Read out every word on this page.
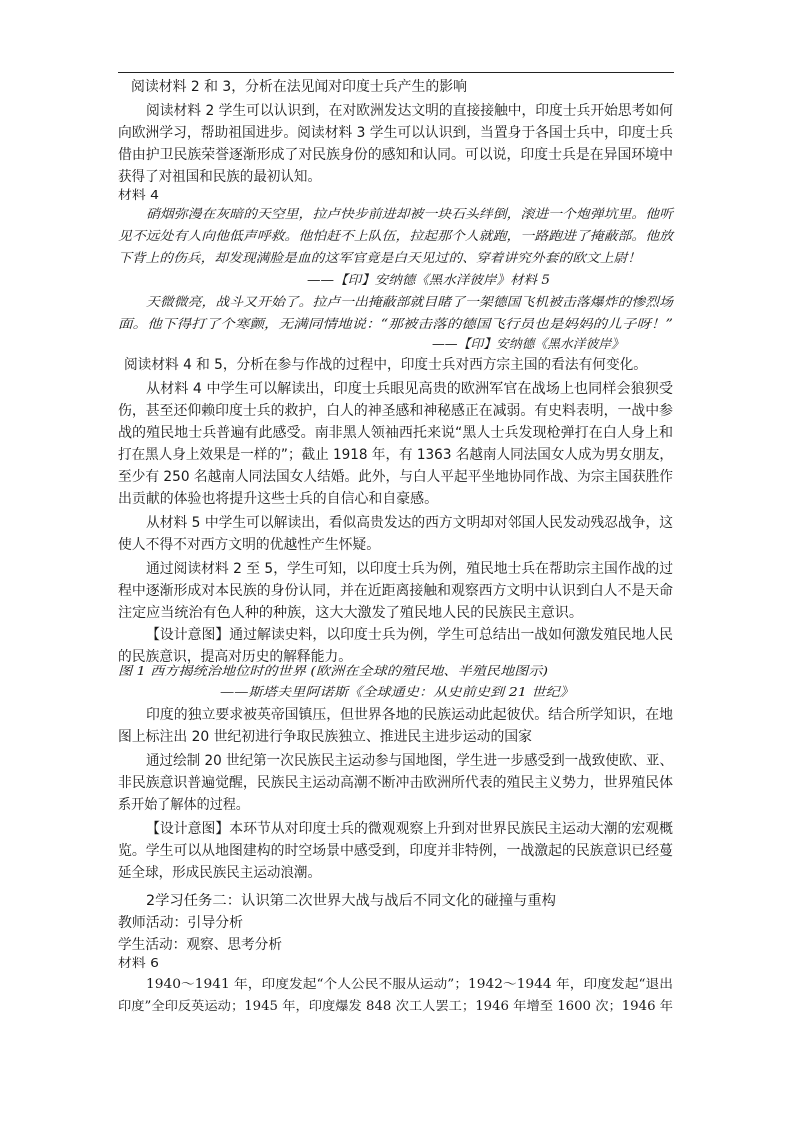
阅读材料 2 和 3，分析在法见闻对印度士兵产生的影响
阅读材料 2 学生可以认识到，在对欧洲发达文明的直接接触中，印度士兵开始思考如何
向欧洲学习，帮助祖国进步。阅读材料 3 学生可以认识到，当置身于各国士兵中，印度士兵
借由护卫民族荣誉逐渐形成了对民族身份的感知和认同。可以说，印度士兵是在异国环境中
获得了对祖国和民族的最初认知。
材料 4
硝烟弥漫在灰暗的天空里，拉卢快步前进却被一块石头绊倒，滚进一个炮弹坑里。他听
见不远处有人向他低声呼救。他怕赶不上队伍，拉起那个人就跑，一路跑进了掩蔽部。他放
下背上的伤兵，却发现满脸是血的这军官竟是白天见过的、穿着讲究外套的欧文上尉！
——【印】安纳德《黑水洋彼岸》材料 5
天微微亮，战斗又开始了。拉卢一出掩蔽部就目睹了一架德国飞机被击落爆炸的惨烈场
面。他下得打了个寒颤，无满同情地说：“那被击落的德国飞行员也是妈妈的儿子呀！”
——【印】安纳德《黑水洋彼岸》
阅读材料 4 和 5，分析在参与作战的过程中，印度士兵对西方宗主国的看法有何变化。
从材料 4 中学生可以解读出，印度士兵眼见高贵的欧洲军官在战场上也同样会狼狈受
伤，甚至还仰赖印度士兵的救护，白人的神圣感和神秘感正在减弱。有史料表明，一战中参
战的殖民地士兵普遍有此感受。南非黑人领袖西托来说“黑人士兵发现枪弹打在白人身上和
打在黑人身上效果是一样的”；截止 1918 年，有 1363 名越南人同法国女人成为男女朋友，
至少有 250 名越南人同法国女人结婚。此外，与白人平起平坐地协同作战、为宗主国获胜作
出贡献的体验也将提升这些士兵的自信心和自豪感。
从材料 5 中学生可以解读出，看似高贵发达的西方文明却对邻国人民发动残忍战争，这
使人不得不对西方文明的优越性产生怀疑。
通过阅读材料 2 至 5，学生可知，以印度士兵为例，殖民地士兵在帮助宗主国作战的过
程中逐渐形成对本民族的身份认同，并在近距离接触和观察西方文明中认识到白人不是天命
注定应当统治有色人种的种族，这大大激发了殖民地人民的民族民主意识。
【设计意图】通过解读史料，以印度士兵为例，学生可总结出一战如何激发殖民地人民
的民族意识，提高对历史的解释能力。
图 1 西方揭统治地位时的世界 (欧洲在全球的殖民地、半殖民地图示)
——斯塔夫里阿诺斯《全球通史：从史前史到 21 世纪》
印度的独立要求被英帝国镇压，但世界各地的民族运动此起彼伏。结合所学知识，在地
图上标注出 20 世纪初进行争取民族独立、推进民主进步运动的国家
通过绘制 20 世纪第一次民族民主运动参与国地图，学生进一步感受到一战致使欧、亚、
非民族意识普遍觉醒，民族民主运动高潮不断冲击欧洲所代表的殖民主义势力，世界殖民体
系开始了解体的过程。
【设计意图】本环节从对印度士兵的微观观察上升到对世界民族民主运动大潮的宏观概
览。学生可以从地图建构的时空场景中感受到，印度并非特例，一战激起的民族意识已经蔓
延全球，形成民族民主运动浪潮。
2学习任务二：认识第二次世界大战与战后不同文化的碰撞与重构
教师活动：引导分析
学生活动：观察、思考分析
材料 6
1940～1941 年，印度发起“个人公民不服从运动”；1942～1944 年，印度发起“退出
印度”全印反英运动；1945 年，印度爆发 848 次工人罢工；1946 年增至 1600 次；1946 年
